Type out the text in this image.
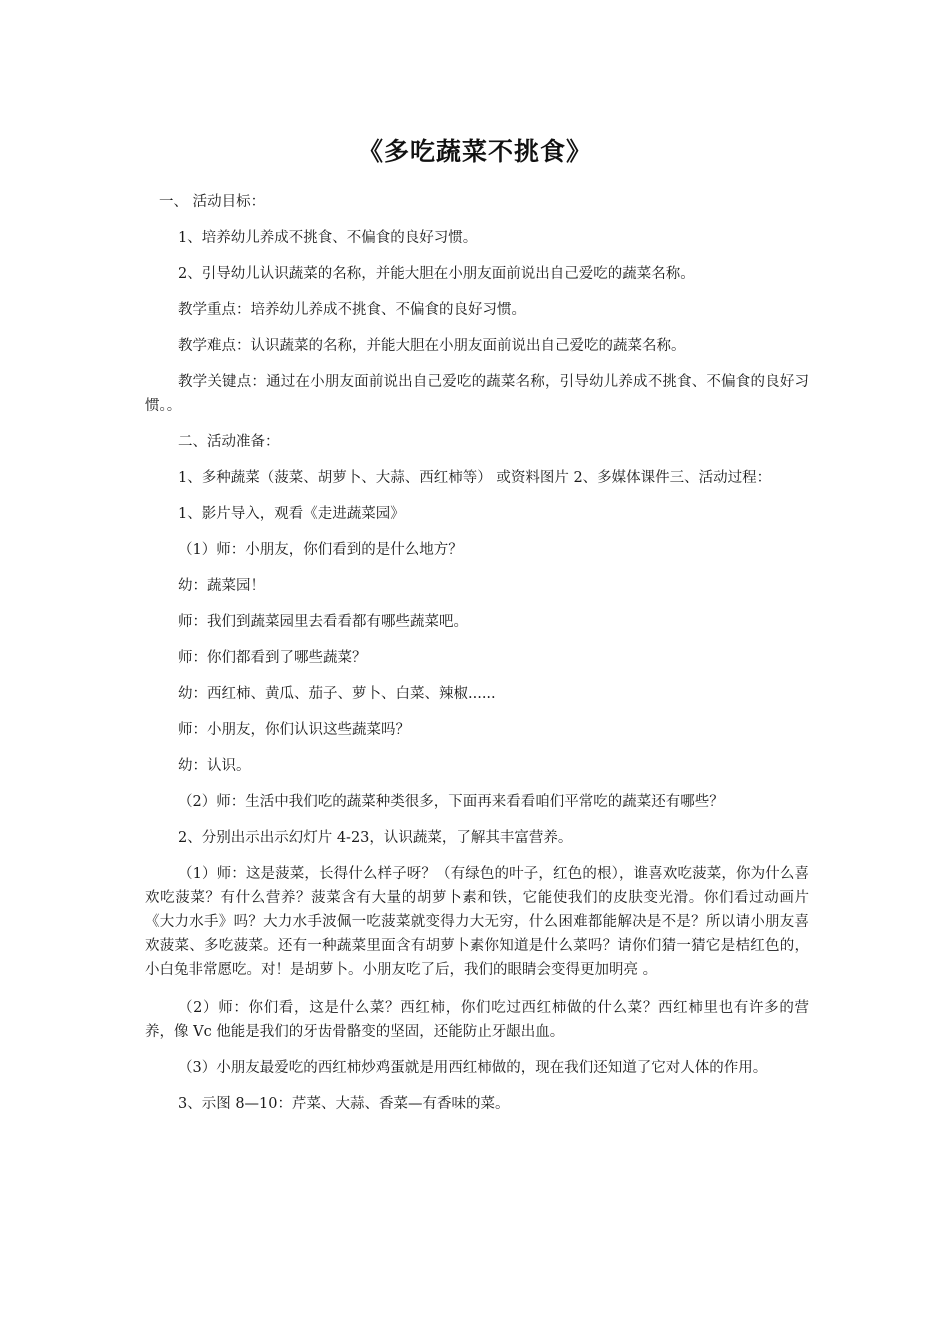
《多吃蔬菜不挑食》

一、 活动目标：

1、培养幼儿养成不挑食、不偏食的良好习惯。

2、引导幼儿认识蔬菜的名称，并能大胆在小朋友面前说出自己爱吃的蔬菜名称。

教学重点：培养幼儿养成不挑食、不偏食的良好习惯。

教学难点：认识蔬菜的名称，并能大胆在小朋友面前说出自己爱吃的蔬菜名称。

教学关键点：通过在小朋友面前说出自己爱吃的蔬菜名称，引导幼儿养成不挑食、不偏食的良好习惯。。

二、活动准备：

1、多种蔬菜（菠菜、胡萝卜、大蒜、西红柿等） 或资料图片 2、多媒体课件三、活动过程：

1、影片导入，观看《走进蔬菜园》

（1）师：小朋友，你们看到的是什么地方？

幼：蔬菜园！

师：我们到蔬菜园里去看看都有哪些蔬菜吧。

师：你们都看到了哪些蔬菜？

幼：西红柿、黄瓜、茄子、萝卜、白菜、辣椒......

师：小朋友，你们认识这些蔬菜吗？

幼：认识。

（2）师：生活中我们吃的蔬菜种类很多，下面再来看看咱们平常吃的蔬菜还有哪些？

2、分别出示出示幻灯片 4-23，认识蔬菜，了解其丰富营养。

（1）师：这是菠菜，长得什么样子呀？（有绿色的叶子，红色的根），谁喜欢吃菠菜，你为什么喜欢吃菠菜？有什么营养？菠菜含有大量的胡萝卜素和铁，它能使我们的皮肤变光滑。你们看过动画片《大力水手》吗？大力水手波佩一吃菠菜就变得力大无穷，什么困难都能解决是不是？所以请小朋友喜欢菠菜、多吃菠菜。还有一种蔬菜里面含有胡萝卜素你知道是什么菜吗？请你们猜一猜它是桔红色的，小白兔非常愿吃。对！是胡萝卜。小朋友吃了后，我们的眼睛会变得更加明亮 。

（2）师：你们看，这是什么菜？西红柿，你们吃过西红柿做的什么菜？西红柿里也有许多的营养，像 Vc 他能是我们的牙齿骨骼变的坚固，还能防止牙龈出血。

（3）小朋友最爱吃的西红柿炒鸡蛋就是用西红柿做的，现在我们还知道了它对人体的作用。

3、示图 8—10：芹菜、大蒜、香菜—有香味的菜。
